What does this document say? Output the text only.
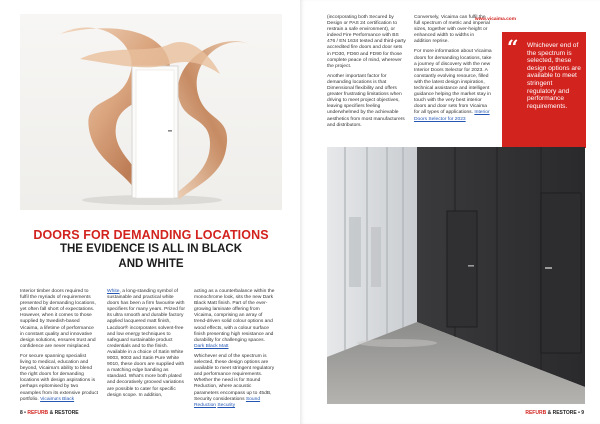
DOORS FOR DEMANDING LOCATIONS
THE EVIDENCE IS ALL IN BLACK
AND WHITE

Interior timber doors required to fulfil the myriads of requirements presented by demanding locations, yet often fall short of expectations. However, when it comes to those supplied by Swedish-based Vicaima, a lifetime of performance in constant quality and innovative design solutions, ensures trust and confidence are never misplaced.

For secure spanning specialist living to medical, education and beyond, Vicaima's ability to blend the right doors for demanding locations with design aspirations is perhaps epitomised by two examples from its extensive product portfolio. Vicaima's Black

White, a long-standing symbol of sustainable and practical white doors has been a firm favourite with specifiers for many years. Prized for its ultra smooth and durable factory applied lacquered matt finish, Lacdoor® incorporates solvent-free and low energy techniques to safeguard sustainable product credentials and to the finish. Available in a choice of Satin White 9003, 9003 and Satin Pure White 9010, these doors are supplied with a matching edge banding as standard. What's more both plated and decoratively grooved variations are possible to cater for specific design scope. In addition,

acting as a counterbalance within the monochrome look, sits the new Dark Black Matt finish. Part of the ever-growing laminate offering from Vicaima, comprising an array of trend-driven solid colour options and wood effects, with a colour surface finish presenting high resistance and durability for challenging spaces. Dark Black Matt

Whichever end of the spectrum is selected, these design options are available to meet stringent regulatory and performance requirements. Whether the need is for Sound Reduction, where acoustic parameters encompass up to 45dB, Security considerations Sound Reduction Security

8 • REFURB & RESTORE

(incorporating both Secured by Design or PAS 24 certification to restrain a safe environment), or indeed Fire Performance with BS 476 / EN 1634 tested and third-party accredited fire doors and door sets in FD30, FD60 and FD90 for those complete peace of mind, wherever the project.

Another important factor for demanding locations is that Dimensional flexibility and offers greater frustrating limitations when driving to meet project objectives, leaving specifiers feeling underwhelmed by the achievable aesthetics from most manufacturers and distributors.

Conversely, Vicaima can fulfil the full spectrum of metric and imperial sizes, together with over-height or enhanced width to widths in addition reprise.

For more information about Vicaima doors for demanding locations, take a journey of discovery with the new Interior Doors Selector for 2023. A constantly evolving resource, filled with the latest design inspiration, technical assistance and intelligent guidance helping the market stay in touch with the very best interior doors and door sets from Vicaima for all types of applications. Interior Doors Selector for 2023

www.vicaima.com
“ Whichever end of the spectrum is selected, these design options are available to meet stringent regulatory and performance requirements.
REFURB & RESTORE • 9
